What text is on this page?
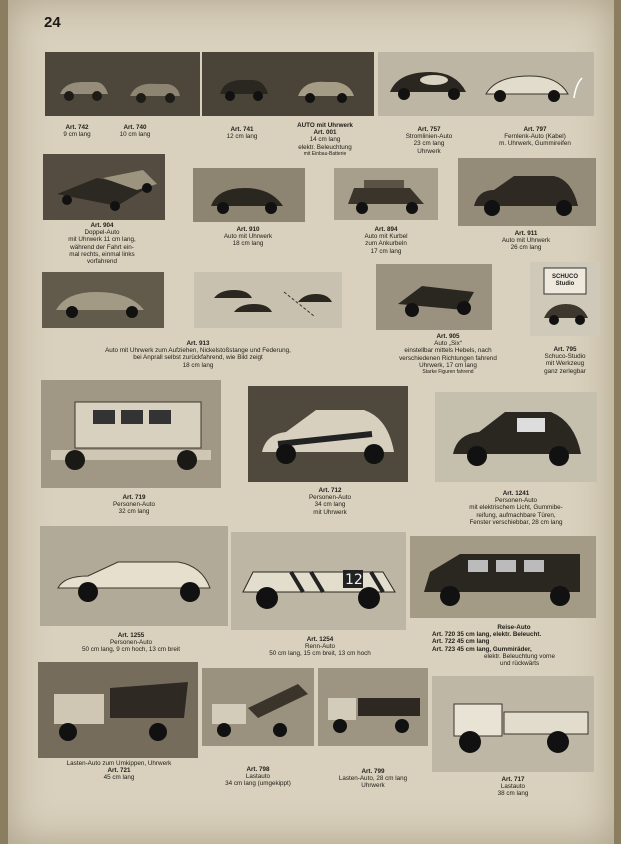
24
Art. 742
9 cm lang
Art. 740
10 cm lang
Art. 741
12 cm lang
AUTO mit Uhrwerk
Art. 001
14 cm lang
elektr. Beleuchtung
mit Einbau-Batterie
Art. 757
Stromlinien-Auto
23 cm lang
Uhrwerk
Art. 797
Fernlenk-Auto (Kabel)
m. Uhrwerk, Gummireifen
Art. 904
Doppel-Auto
mit Uhrwerk 11 cm lang,
während der Fahrt ein-
mal rechts, einmal links
vorfahrend
Art. 910
Auto mit Uhrwerk
18 cm lang
Art. 894
Auto mit Kurbel
zum Ankurbeln
17 cm lang
Art. 911
Auto mit Uhrwerk
26 cm lang
SCHUCO Studio
Art. 913
Auto mit Uhrwerk zum Aufziehen, Nickelstoßstange und Federung,
bei Anprall selbst zurückfahrend, wie Bild zeigt
18 cm lang
Art. 905
Auto „Six“
einstellbar mittels Hebels, nach
verschiedenen Richtungen fahrend
Uhrwerk, 17 cm lang
Starke Figuren fahrend
Art. 795
Schuco-Studio
mit Werkzeug
ganz zerlegbar
Art. 719
Personen-Auto
32 cm lang
Art. 712
Personen-Auto
34 cm lang
mit Uhrwerk
Art. 1241
Personen-Auto
mit elektrischem Licht, Gummibe-
reifung, aufmachbare Türen,
Fenster verschiebbar, 28 cm lang
12
Art. 1255
Personen-Auto
50 cm lang, 9 cm hoch, 13 cm breit
Art. 1254
Renn-Auto
50 cm lang, 15 cm breit, 13 cm hoch
Reise-Auto
Art. 720 35 cm lang, elektr. Beleucht.
Art. 722 45 cm lang
Art. 723 45 cm lang, Gummiräder,
elektr. Beleuchtung vorne
und rückwärts
Lasten-Auto zum Umkippen, Uhrwerk
Art. 721
45 cm lang
Art. 798
Lastauto
34 cm lang (umgekippt)
Art. 799
Lasten-Auto, 28 cm lang
Uhrwerk
Art. 717
Lastauto
38 cm lang
